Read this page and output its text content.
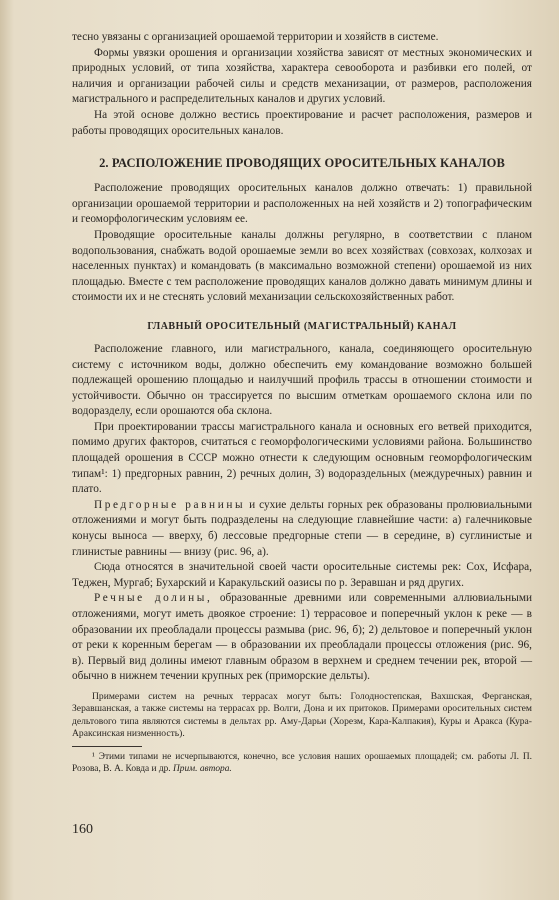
тесно увязаны с организацией орошаемой территории и хозяйств в системе.

Формы увязки орошения и организации хозяйства зависят от местных экономических и природных условий, от типа хозяйства, характера севооборота и разбивки его полей, от наличия и организации рабочей силы и средств механизации, от размеров, расположения магистрального и распределительных каналов и других условий.

На этой основе должно вестись проектирование и расчет расположения, размеров и работы проводящих оросительных каналов.

2. РАСПОЛОЖЕНИЕ ПРОВОДЯЩИХ ОРОСИТЕЛЬНЫХ КАНАЛОВ

Расположение проводящих оросительных каналов должно отвечать: 1) правильной организации орошаемой территории и расположенных на ней хозяйств и 2) топографическим и геоморфологическим условиям ее.

Проводящие оросительные каналы должны регулярно, в соответствии с планом водопользования, снабжать водой орошаемые земли во всех хозяйствах (совхозах, колхозах и населенных пунктах) и командовать (в максимально возможной степени) орошаемой из них площадью. Вместе с тем расположение проводящих каналов должно давать минимум длины и стоимости их и не стеснять условий механизации сельскохозяйственных работ.

ГЛАВНЫЙ ОРОСИТЕЛЬНЫЙ (МАГИСТРАЛЬНЫЙ) КАНАЛ

Расположение главного, или магистрального, канала, соединяющего оросительную систему с источником воды, должно обеспечить ему командование возможно большей подлежащей орошению площадью и наилучший профиль трассы в отношении стоимости и устойчивости. Обычно он трассируется по высшим отметкам орошаемого склона или по водоразделу, если орошаются оба склона.

При проектировании трассы магистрального канала и основных его ветвей приходится, помимо других факторов, считаться с геоморфологическими условиями района. Большинство площадей орошения в СССР можно отнести к следующим основным геоморфологическим типам¹: 1) предгорных равнин, 2) речных долин, 3) водораздельных (междуречных) равнин и плато.

Предгорные равнины и сухие дельты горных рек образованы пролювиальными отложениями и могут быть подразделены на следующие главнейшие части: а) галечниковые конусы выноса — вверху, б) лессовые предгорные степи — в середине, в) суглинистые и глинистые равнины — внизу (рис. 96, а).

Сюда относятся в значительной своей части оросительные системы рек: Сох, Исфара, Теджен, Мургаб; Бухарский и Каракульский оазисы по р. Зеравшан и ряд других.

Речные долины, образованные древними или современными аллювиальными отложениями, могут иметь двоякое строение: 1) террасовое и поперечный уклон к реке — в образовании их преобладали процессы размыва (рис. 96, б); 2) дельтовое и поперечный уклон от реки к коренным берегам — в образовании их преобладали процессы отложения (рис. 96, в). Первый вид долины имеют главным образом в верхнем и среднем течении рек, второй — обычно в нижнем течении крупных рек (приморские дельты).

Примерами систем на речных террасах могут быть: Голодностепская, Вахшская, Ферганская, Зеравшанская, а также системы на террасах рр. Волги, Дона и их притоков. Примерами оросительных систем дельтового типа являются системы в дельтах рр. Аму-Дарьи (Хорезм, Кара-Калпакия), Куры и Аракса (Кура-Араксинская низменность).

¹ Этими типами не исчерпываются, конечно, все условия наших орошаемых площадей; см. работы Л. П. Розова, В. А. Ковда и др. Прим. автора.

160
